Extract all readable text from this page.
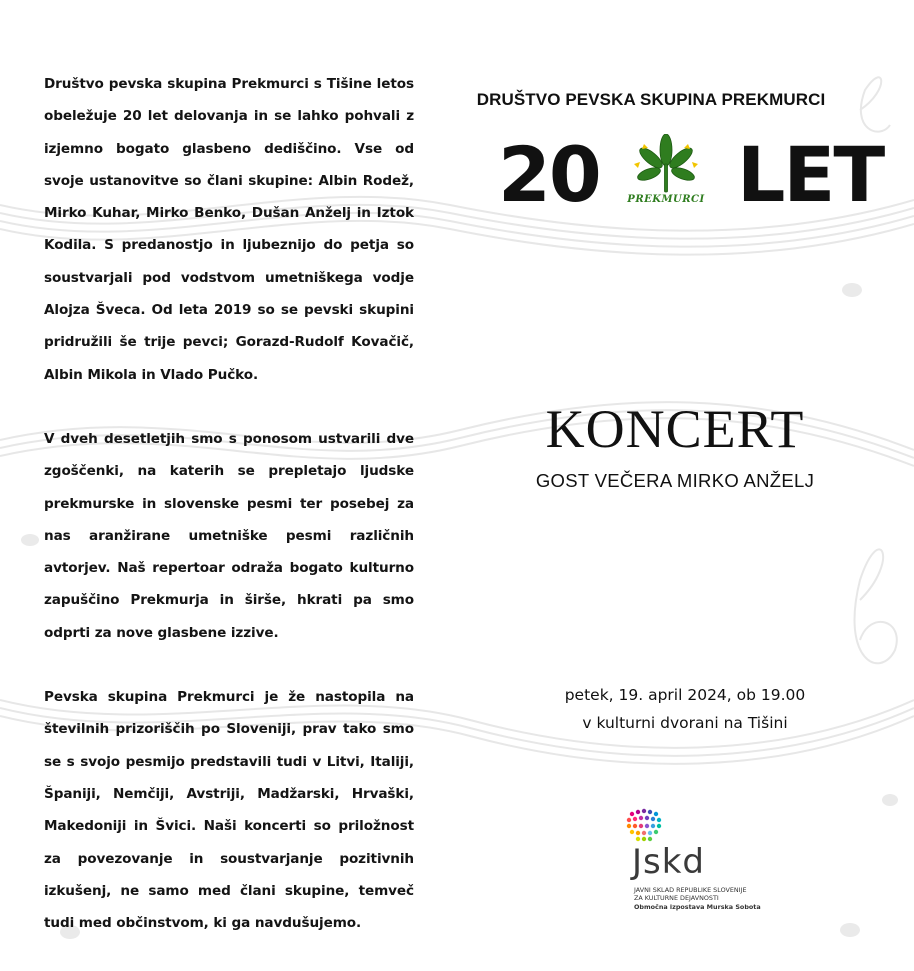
Društvo pevska skupina Prekmurci s Tišine letos obeležuje 20 let delovanja in se lahko pohvali z izjemno bogato glasbeno dediščino. Vse od svoje ustanovitve so člani skupine: Albin Rodež, Mirko Kuhar, Mirko Benko, Dušan Anželj in Iztok Kodila. S predanostjo in ljubeznijo do petja so soustvarjali pod vodstvom umetniškega vodje Alojza Šveca. Od leta 2019 so se pevski skupini pridružili še trije pevci; Gorazd-Rudolf Kovačič, Albin Mikola in Vlado Pučko.

V dveh desetletjih smo s ponosom ustvarili dve zgoščenki, na katerih se prepletajo ljudske prekmurske in slovenske pesmi ter posebej za nas aranžirane umetniške pesmi različnih avtorjev. Naš repertoar odraža bogato kulturno zapuščino Prekmurja in širše, hkrati pa smo odprti za nove glasbene izzive.

Pevska skupina Prekmurci je že nastopila na številnih prizoriščih po Sloveniji, prav tako smo se s svojo pesmijo predstavili tudi v Litvi, Italiji, Španiji, Nemčiji, Avstriji, Madžarski, Hrvaški, Makedoniji in Švici. Naši koncerti so priložnost za povezovanje in soustvarjanje pozitivnih izkušenj, ne samo med člani skupine, temveč tudi med občinstvom, ki ga navdušujemo.

DRUŠTVO PEVSKA SKUPINA PREKMURCI
20	PREKMURCI LET
KONCERT
GOST VEČERA MIRKO ANŽELJ
petek, 19. april 2024, ob 19.00
v kulturni dvorani na Tišini
Jskd
JAVNI SKLAD REPUBLIKE SLOVENIJE
ZA KULTURNE DEJAVNOSTI
Območna izpostava Murska Sobota
